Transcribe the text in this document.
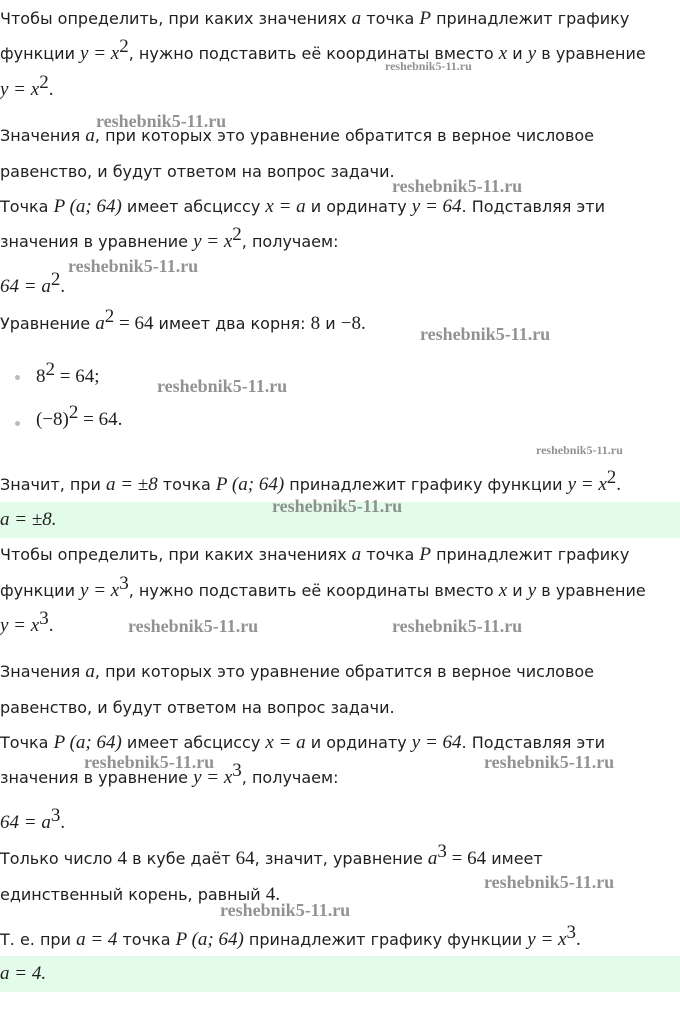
Чтобы определить, при каких значениях a точка P принадлежит графику
функции $y = x^2$, нужно подставить её координаты вместо x и y в уравнение
$y = x^2$.
Значения a, при которых это уравнение обратится в верное числовое
равенство, и будут ответом на вопрос задачи.
Точка P (a; 64) имеет абсциссу x = a и ординату y = 64. Подставляя эти
значения в уравнение $y = x^2$, получаем:
$64 = a^2$.
Уравнение $a^2 = 64$ имеет два корня: 8 и −8.
$8^2 = 64$;
$(-8)^2 = 64$.
Значит, при a = ±8 точка P (a; 64) принадлежит графику функции $y = x^2$.
a = ±8.
Чтобы определить, при каких значениях a точка P принадлежит графику
функции $y = x^3$, нужно подставить её координаты вместо x и y в уравнение
$y = x^3$.
Значения a, при которых это уравнение обратится в верное числовое
равенство, и будут ответом на вопрос задачи.
Точка P (a; 64) имеет абсциссу x = a и ординату y = 64. Подставляя эти
значения в уравнение $y = x^3$, получаем:
$64 = a^3$.
Только число 4 в кубе даёт 64, значит, уравнение $a^3 = 64$ имеет
единственный корень, равный 4.
Т. е. при a = 4 точка P (a; 64) принадлежит графику функции $y = x^3$.
a = 4.
reshebnik5-11.ru
reshebnik5-11.ru
reshebnik5-11.ru
reshebnik5-11.ru
reshebnik5-11.ru
reshebnik5-11.ru
reshebnik5-11.ru
reshebnik5-11.ru
reshebnik5-11.ru	reshebnik5-11.ru
reshebnik5-11.ru	reshebnik5-11.ru
reshebnik5-11.ru
reshebnik5-11.ru
